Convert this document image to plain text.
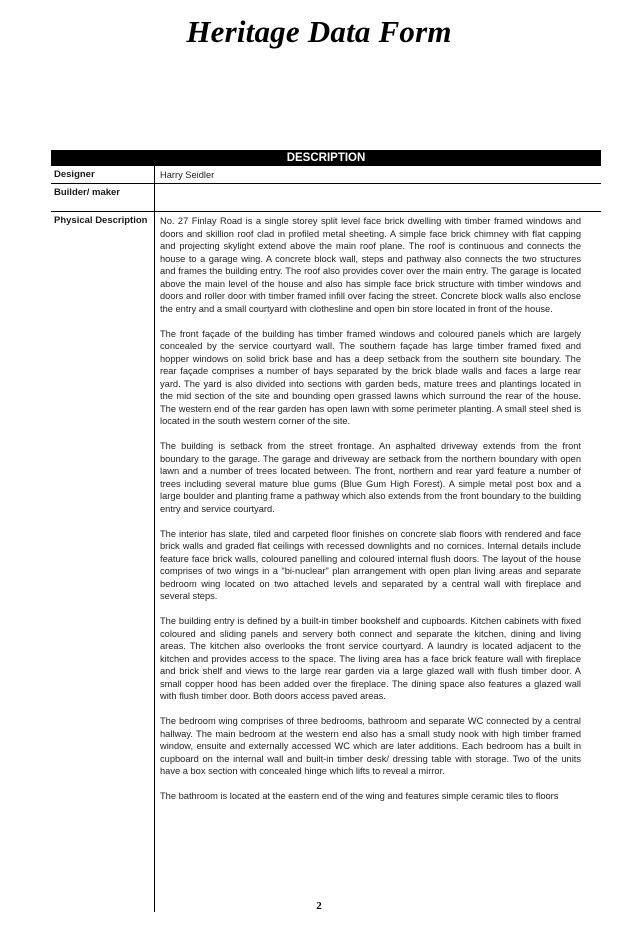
Heritage Data Form
DESCRIPTION
Designer	Harry Seidler
Builder/ maker
Physical Description	No. 27 Finlay Road is a single storey split level face brick dwelling with timber framed windows and doors and skillion roof clad in profiled metal sheeting. A simple face brick chimney with flat capping and projecting skylight extend above the main roof plane. The roof is continuous and connects the house to a garage wing. A concrete block wall, steps and pathway also connects the two structures and frames the building entry. The roof also provides cover over the main entry. The garage is located above the main level of the house and also has simple face brick structure with timber windows and doors and roller door with timber framed infill over facing the street. Concrete block walls also enclose the entry and a small courtyard with clothesline and open bin store located in front of the house.

The front façade of the building has timber framed windows and coloured panels which are largely concealed by the service courtyard wall. The southern façade has large timber framed fixed and hopper windows on solid brick base and has a deep setback from the southern site boundary. The rear façade comprises a number of bays separated by the brick blade walls and faces a large rear yard. The yard is also divided into sections with garden beds, mature trees and plantings located in the mid section of the site and bounding open grassed lawns which surround the rear of the house. The western end of the rear garden has open lawn with some perimeter planting. A small steel shed is located in the south western corner of the site.

The building is setback from the street frontage. An asphalted driveway extends from the front boundary to the garage. The garage and driveway are setback from the northern boundary with open lawn and a number of trees located between. The front, northern and rear yard feature a number of trees including several mature blue gums (Blue Gum High Forest). A simple metal post box and a large boulder and planting frame a pathway which also extends from the front boundary to the building entry and service courtyard.

The interior has slate, tiled and carpeted floor finishes on concrete slab floors with rendered and face brick walls and graded flat ceilings with recessed downlights and no cornices. Internal details include feature face brick walls, coloured panelling and coloured internal flush doors. The layout of the house comprises of two wings in a "bi-nuclear" plan arrangement with open plan living areas and separate bedroom wing located on two attached levels and separated by a central wall with fireplace and several steps.

The building entry is defined by a built-in timber bookshelf and cupboards. Kitchen cabinets with fixed coloured and sliding panels and servery both connect and separate the kitchen, dining and living areas. The kitchen also overlooks the front service courtyard. A laundry is located adjacent to the kitchen and provides access to the space. The living area has a face brick feature wall with fireplace and brick shelf and views to the large rear garden via a large glazed wall with flush timber door. A small copper hood has been added over the fireplace. The dining space also features a glazed wall with flush timber door. Both doors access paved areas.

The bedroom wing comprises of three bedrooms, bathroom and separate WC connected by a central hallway. The main bedroom at the western end also has a small study nook with high timber framed window, ensuite and externally accessed WC which are later additions. Each bedroom has a built in cupboard on the internal wall and built-in timber desk/ dressing table with storage. Two of the units have a box section with concealed hinge which lifts to reveal a mirror.

The bathroom is located at the eastern end of the wing and features simple ceramic tiles to floors

2
